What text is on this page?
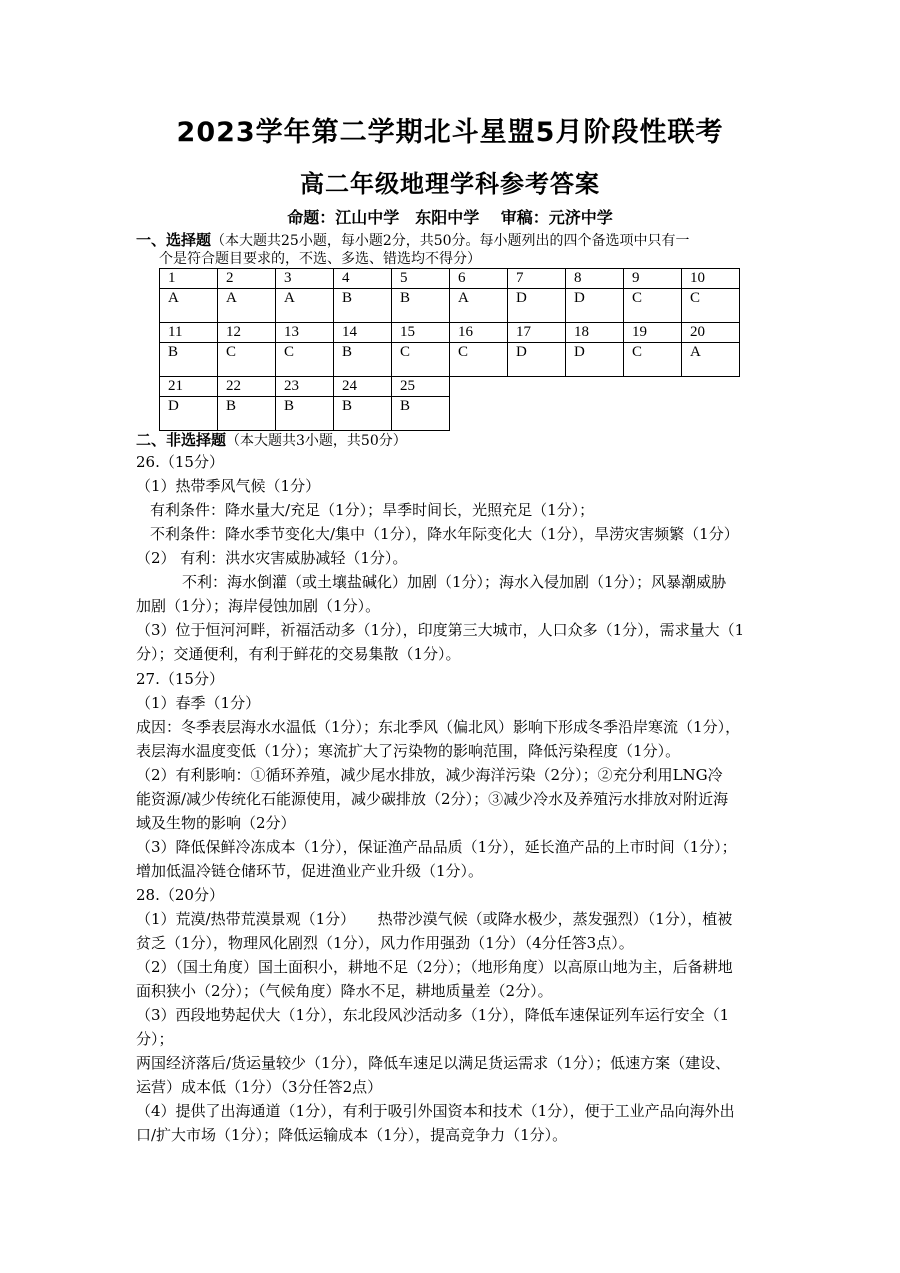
2023学年第二学期北斗星盟5月阶段性联考
高二年级地理学科参考答案
命题：江山中学　东阳中学 审稿：元济中学
一、选择题（本大题共25小题，每小题2分，共50分。每小题列出的四个备选项中只有一
个是符合题目要求的，不选、多选、错选均不得分）
1	2	3	4	5	6	7	8	9	10
A	A	A	B	B	A	D	D	C	C
11	12	13	14	15	16	17	18	19	20
B	C	C	B	C	C	D	D	C	A
21	22	23	24	25					
D	B	B	B	B					
二、非选择题（本大题共3小题，共50分）

26.（15分）

（1）热带季风气候（1分）

有利条件：降水量大/充足（1分）；旱季时间长，光照充足（1分）；

不利条件：降水季节变化大/集中（1分），降水年际变化大（1分），旱涝灾害频繁（1分）

（2） 有利：洪水灾害威胁减轻（1分）。

不利：海水倒灌（或土壤盐碱化）加剧（1分）；海水入侵加剧（1分）；风暴潮威胁

加剧（1分）；海岸侵蚀加剧（1分）。

（3）位于恒河河畔，祈福活动多（1分），印度第三大城市，人口众多（1分），需求量大（1

分）；交通便利，有利于鲜花的交易集散（1分）。

27.（15分）

（1）春季（1分）

成因：冬季表层海水水温低（1分）；东北季风（偏北风）影响下形成冬季沿岸寒流（1分），

表层海水温度变低（1分）；寒流扩大了污染物的影响范围，降低污染程度（1分）。

（2）有利影响：①循环养殖，减少尾水排放，减少海洋污染（2分）；②充分利用LNG冷

能资源/减少传统化石能源使用，减少碳排放（2分）；③减少冷水及养殖污水排放对附近海

域及生物的影响（2分）

（3）降低保鲜冷冻成本（1分），保证渔产品品质（1分），延长渔产品的上市时间（1分）；

增加低温冷链仓储环节，促进渔业产业升级（1分）。

28.（20分）

（1）荒漠/热带荒漠景观（1分）　　热带沙漠气候（或降水极少，蒸发强烈）（1分），植被

贫乏（1分），物理风化剧烈（1分），风力作用强劲（1分）（4分任答3点）。

（2）（国土角度）国土面积小，耕地不足（2分）；（地形角度）以高原山地为主，后备耕地

面积狭小（2分）；（气候角度）降水不足，耕地质量差（2分）。

（3）西段地势起伏大（1分），东北段风沙活动多（1分），降低车速保证列车运行安全（1

分）；

两国经济落后/货运量较少（1分），降低车速足以满足货运需求（1分）；低速方案（建设、

运营）成本低（1分）（3分任答2点）

（4）提供了出海通道（1分），有利于吸引外国资本和技术（1分），便于工业产品向海外出

口/扩大市场（1分）；降低运输成本（1分），提高竞争力（1分）。
